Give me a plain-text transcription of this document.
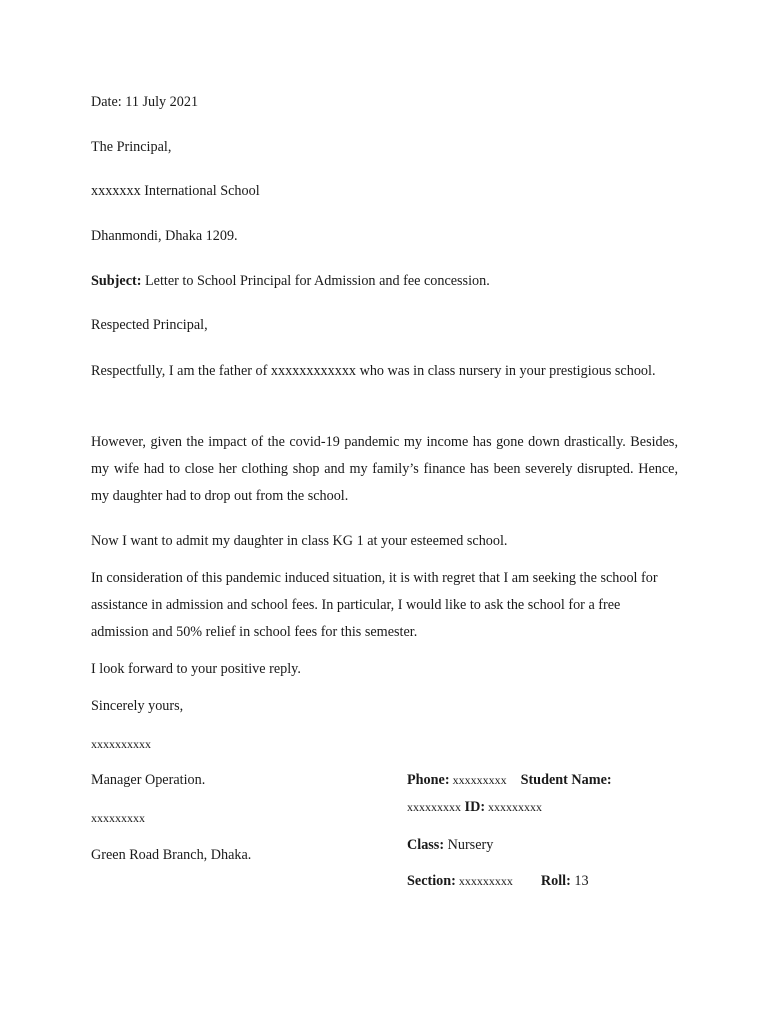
Date: 11 July 2021
The Principal,
xxxxxxx International School
Dhanmondi, Dhaka 1209.
Subject: Letter to School Principal for Admission and fee concession.
Respected Principal,
Respectfully, I am the father of xxxxxxxxxxxx who was in class nursery in your prestigious school.
However, given the impact of the covid-19 pandemic my income has gone down drastically. Besides, my wife had to close her clothing shop and my family’s finance has been severely disrupted. Hence, my daughter had to drop out from the school.
Now I want to admit my daughter in class KG 1 at your esteemed school.
In consideration of this pandemic induced situation, it is with regret that I am seeking the school for assistance in admission and school fees. In particular, I would like to ask the school for a free admission and 50% relief in school fees for this semester.
I look forward to your positive reply.
Sincerely yours,
xxxxxxxxxx
Manager Operation.
xxxxxxxxx
Green Road Branch, Dhaka.
Phone: xxxxxxxxx Student Name:
xxxxxxxxx ID: xxxxxxxxx
Class: Nursery
Section: xxxxxxxxx Roll: 13
